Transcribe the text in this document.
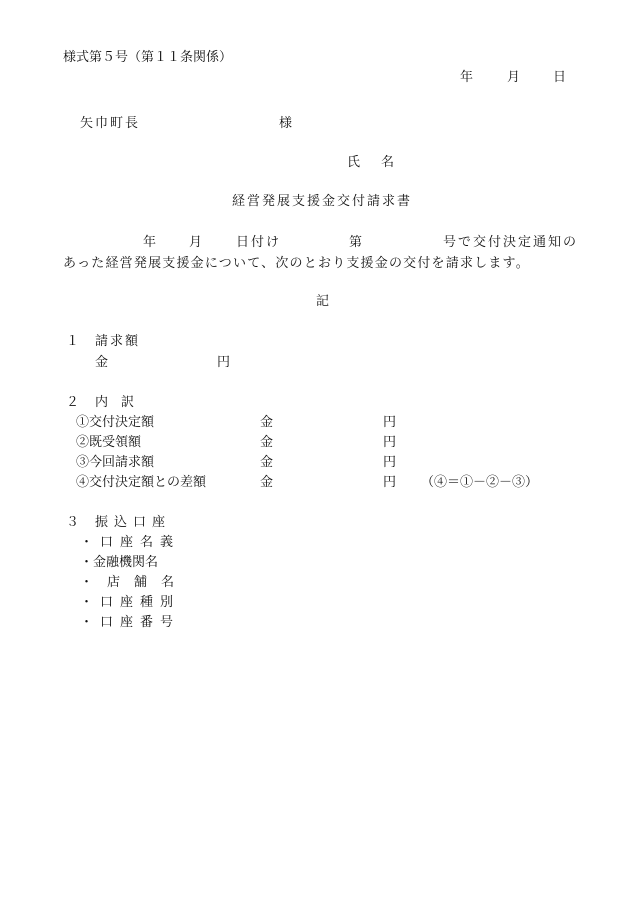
様式第５号（第１１条関係）
年	月	日
矢巾町長	様
氏　名
経営発展支援金交付請求書
年	月	日付け	第	号で交付決定通知の
あった経営発展支援金について、次のとおり支援金の交付を請求します。
記
１ 請求額
金	円
２ 内　訳
①交付決定額	金	円
②既受領額	金	円
③今回請求額	金	円
④交付決定額との差額	金	円 （④＝①－②－③）
３ 振込口座
・口座名義
・金融機関名
・店舗名
・口座種別
・口座番号
